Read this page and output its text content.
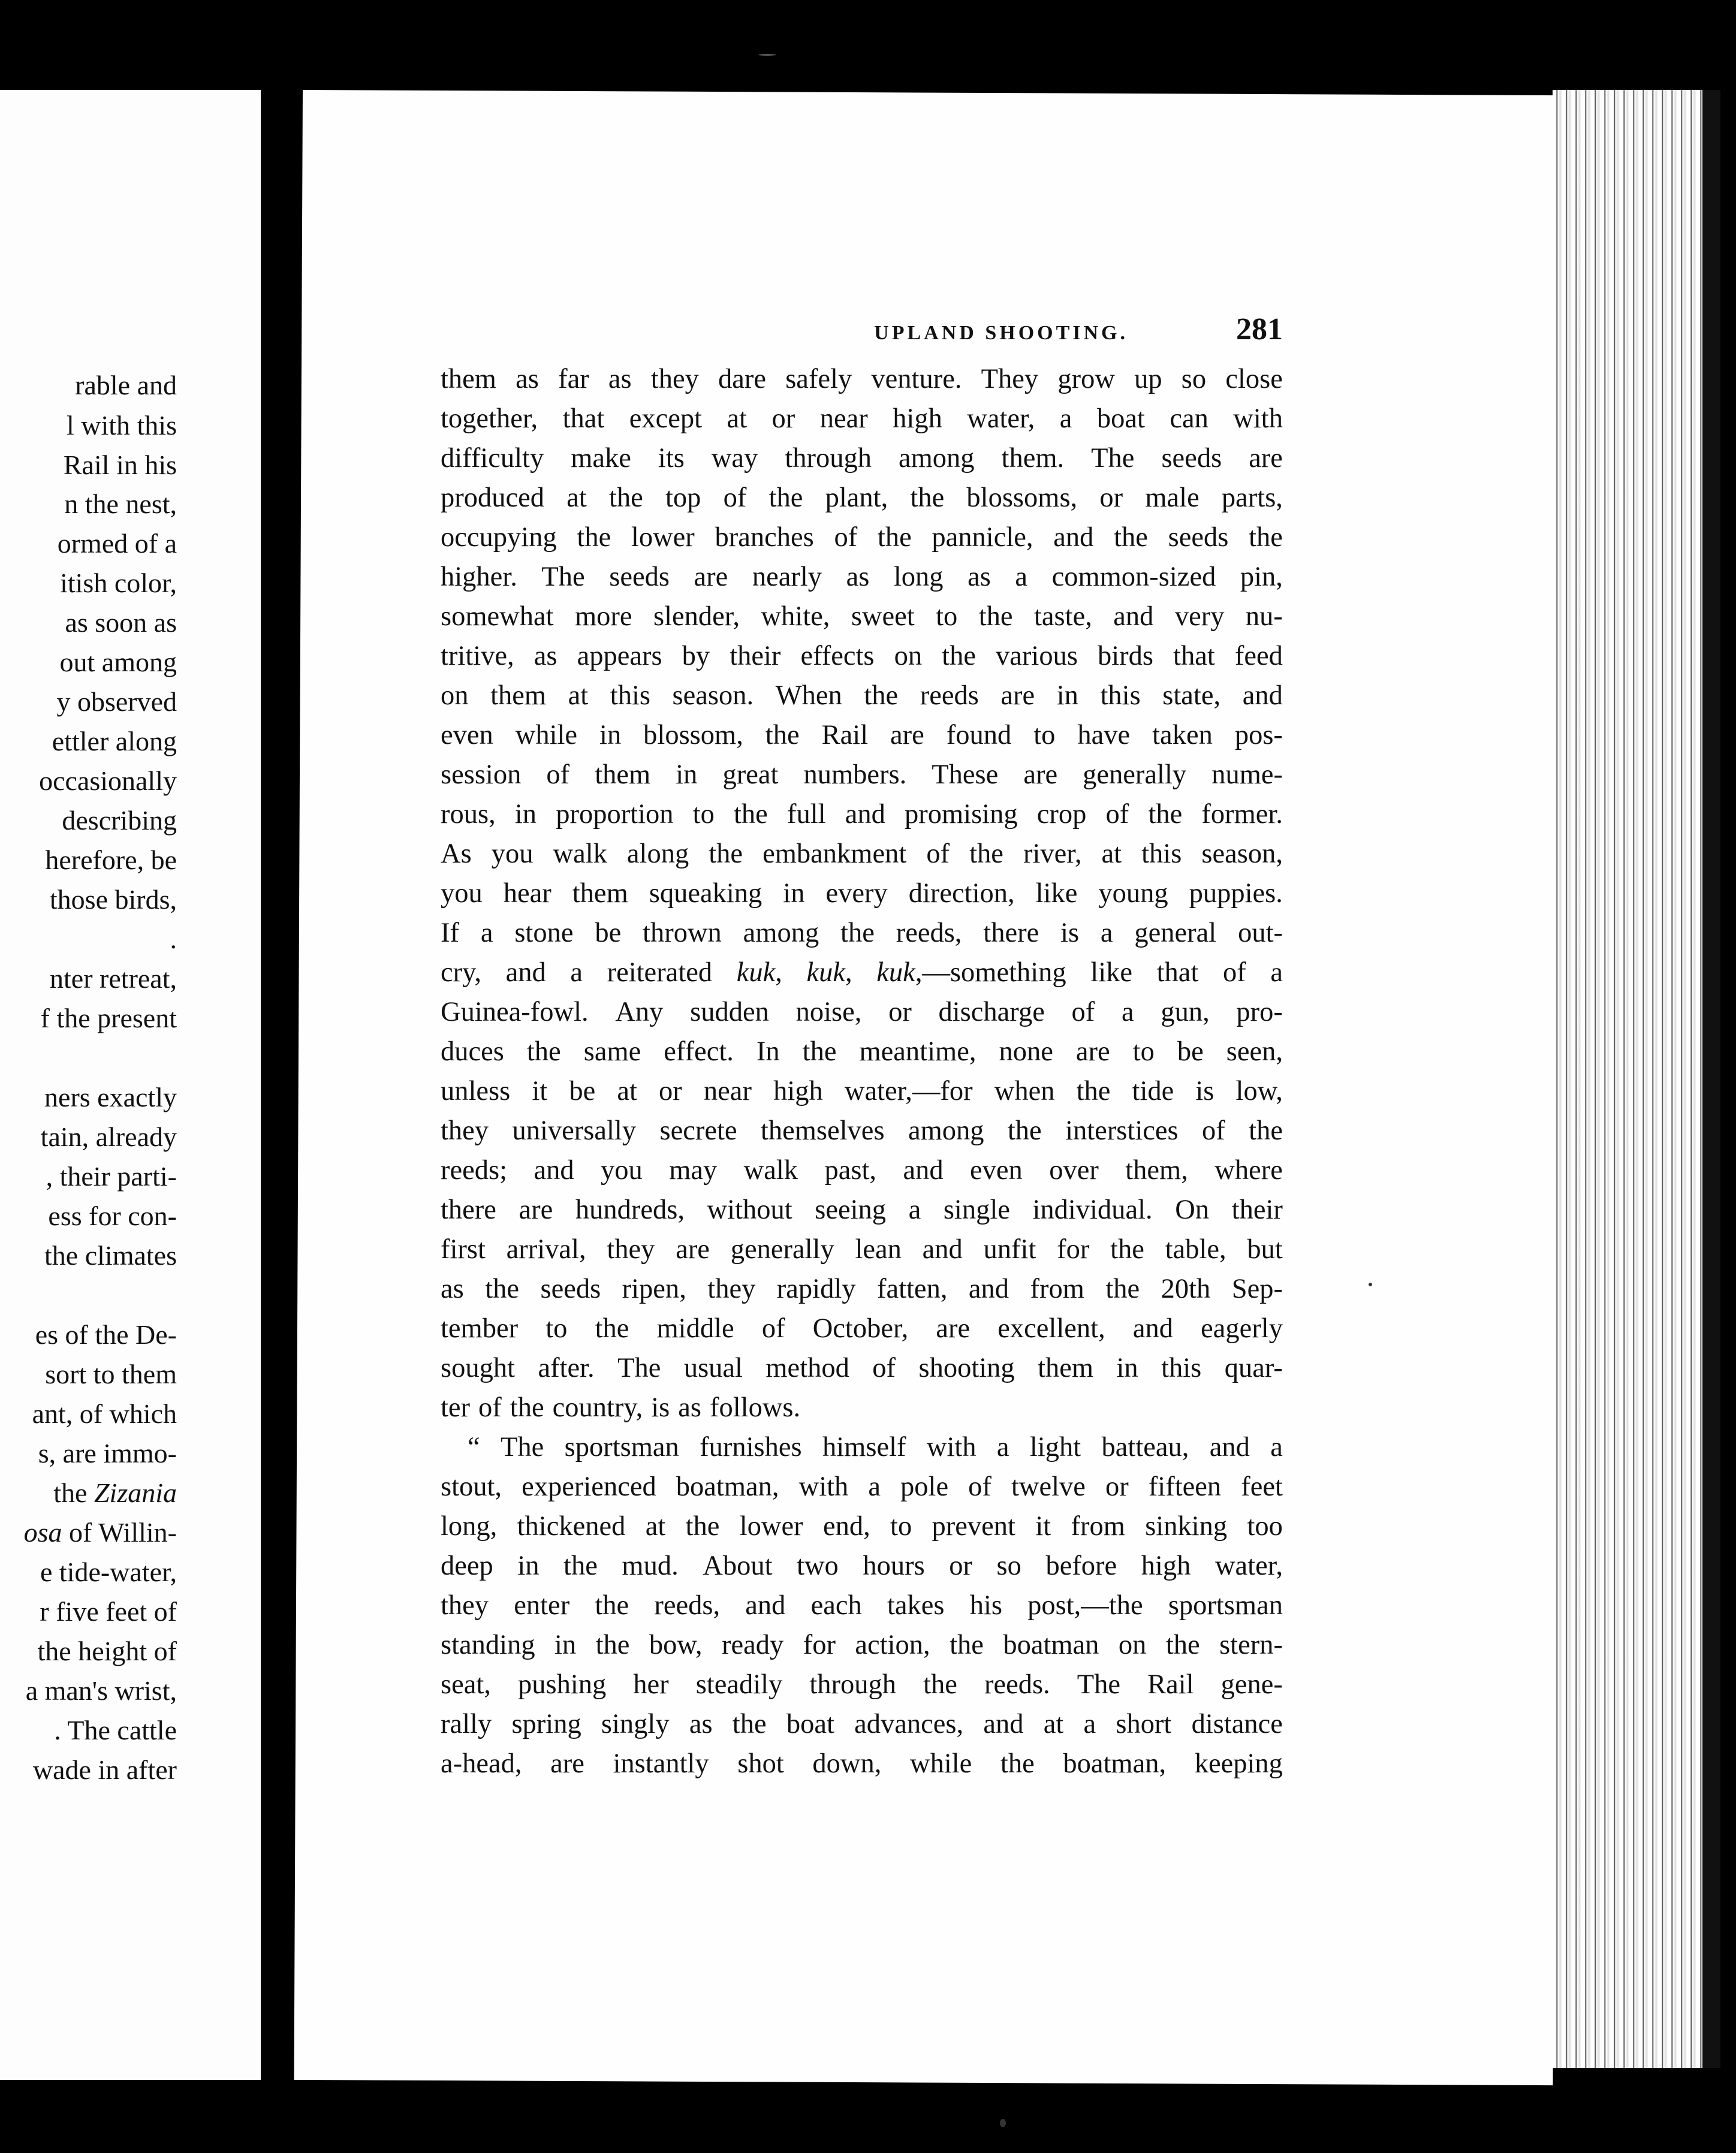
rable and
l with this
Rail in his
n the nest,
ormed of a
itish color,
as soon as
out among
y observed
ettler along
occasionally
describing
herefore, be
those birds,
.
nter retreat,
f the present
ners exactly
tain, already
, their parti-
ess for con-
the climates
es of the De-
sort to them
ant, of which
s, are immo-
the Zizania
osa of Willin-
e tide-water,
r five feet of
the height of
a man's wrist,
. The cattle
wade in after
UPLAND SHOOTING.	281
them as far as they dare safely venture. They grow up so close
together, that except at or near high water, a boat can with
difficulty make its way through among them. The seeds are
produced at the top of the plant, the blossoms, or male parts,
occupying the lower branches of the pannicle, and the seeds the
higher. The seeds are nearly as long as a common-sized pin,
somewhat more slender, white, sweet to the taste, and very nu-
tritive, as appears by their effects on the various birds that feed
on them at this season. When the reeds are in this state, and
even while in blossom, the Rail are found to have taken pos-
session of them in great numbers. These are generally nume-
rous, in proportion to the full and promising crop of the former.
As you walk along the embankment of the river, at this season,
you hear them squeaking in every direction, like young puppies.
If a stone be thrown among the reeds, there is a general out-
cry, and a reiterated kuk, kuk, kuk,—something like that of a
Guinea-fowl. Any sudden noise, or discharge of a gun, pro-
duces the same effect. In the meantime, none are to be seen,
unless it be at or near high water,—for when the tide is low,
they universally secrete themselves among the interstices of the
reeds; and you may walk past, and even over them, where
there are hundreds, without seeing a single individual. On their
first arrival, they are generally lean and unfit for the table, but
as the seeds ripen, they rapidly fatten, and from the 20th Sep-
tember to the middle of October, are excellent, and eagerly
sought after. The usual method of shooting them in this quar-
ter of the country, is as follows.
“ The sportsman furnishes himself with a light batteau, and a
stout, experienced boatman, with a pole of twelve or fifteen feet
long, thickened at the lower end, to prevent it from sinking too
deep in the mud. About two hours or so before high water,
they enter the reeds, and each takes his post,—the sportsman
standing in the bow, ready for action, the boatman on the stern-
seat, pushing her steadily through the reeds. The Rail gene-
rally spring singly as the boat advances, and at a short distance
a-head, are instantly shot down, while the boatman, keeping
